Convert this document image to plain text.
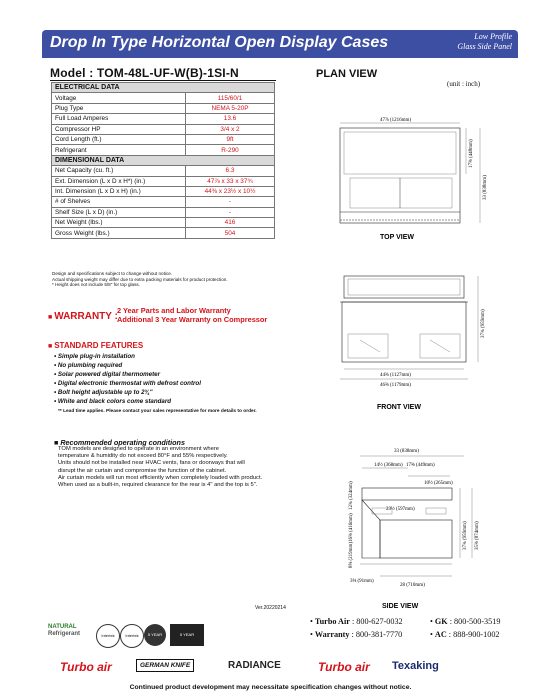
Drop In Type Horizontal Open Display Cases	Low Profile
Glass Side Panel
Model : TOM-48L-UF-W(B)-1SI-N	PLAN VIEW
(unit : inch)
ELECTRICAL DATA	
Voltage	115/60/1
Plug Type	NEMA 5-20P
Full Load Amperes	13.6
Compressor HP	3/4 x 2
Cord Length (ft.)	9ft
Refrigerant	R-290
DIMENSIONAL DATA	
Net Capacity (cu. ft.)	6.3
Ext. Dimension (L x D x H*) (in.)	47⅞ x 33 x 37¾
Int. Dimension (L x D x H) (in.)	44⅜ x 23½ x 10½
# of Shelves	-
Shelf Size (L x D) (in.)	-
Net Weight (lbs.)	416
Gross Weight (lbs.)	504
Design and specifications subject to change without notice.
Actual shipping weight may differ due to extra packing materials for product protection.
* Height does not include 5/8" for top glass.
■ WARRANTY :
2 Year Parts and Labor Warranty
Additional 3 Year Warranty on Compressor
■ STANDARD FEATURES
• Simple plug-in installation
• No plumbing required
• Solar powered digital thermometer
• Digital electronic thermostat with defrost control
• Bolt height adjustable up to 2¾"
• White and black colors come standard
** Lead time applies. Please contact your sales representative for more details to order.
■ Recommended operating conditions
TOM models are designed to operate in an environment where
temperature & humidity do not exceed 80°F and 55% respectively.
Units should not be installed near HVAC vents, fans or doorways that will
disrupt the air curtain and compromise the function of the cabinet.
Air curtain models will run most efficiently when completely loaded with product.
When used as a built-in, required clearance for the rear is 4" and the top is 5".
Ver.20220214
47⅞ (1216mm)
17⅝ (448mm)
33 (838mm)
TOP VIEW
44⅜ (1127mm)
46⅜ (1179mm)
37¾ (959mm)
FRONT VIEW
33 (838mm)
14½ (368mm) 17⅝ (449mm)
10½ (265mm)
23½ (597mm)
12¾ (324mm)
16⅜ (416mm)
8⅝ (219mm)
3⅝ (91mm)
28 (710mm)
37¾ (959mm) 35⅜ (874mm)
SIDE VIEW
NATURAL
Refrigerant	Intertek	Intertek	5 YEAR	5 YEAR
• Turbo Air : 800-627-0032	• GK : 800-500-3519
• Warranty : 800-381-7770	• AC : 888-900-1002
Turbo air	GERMAN KNIFE	RADIANCE	Turbo air Texaking
Continued product development may necessitate specification changes without notice.
